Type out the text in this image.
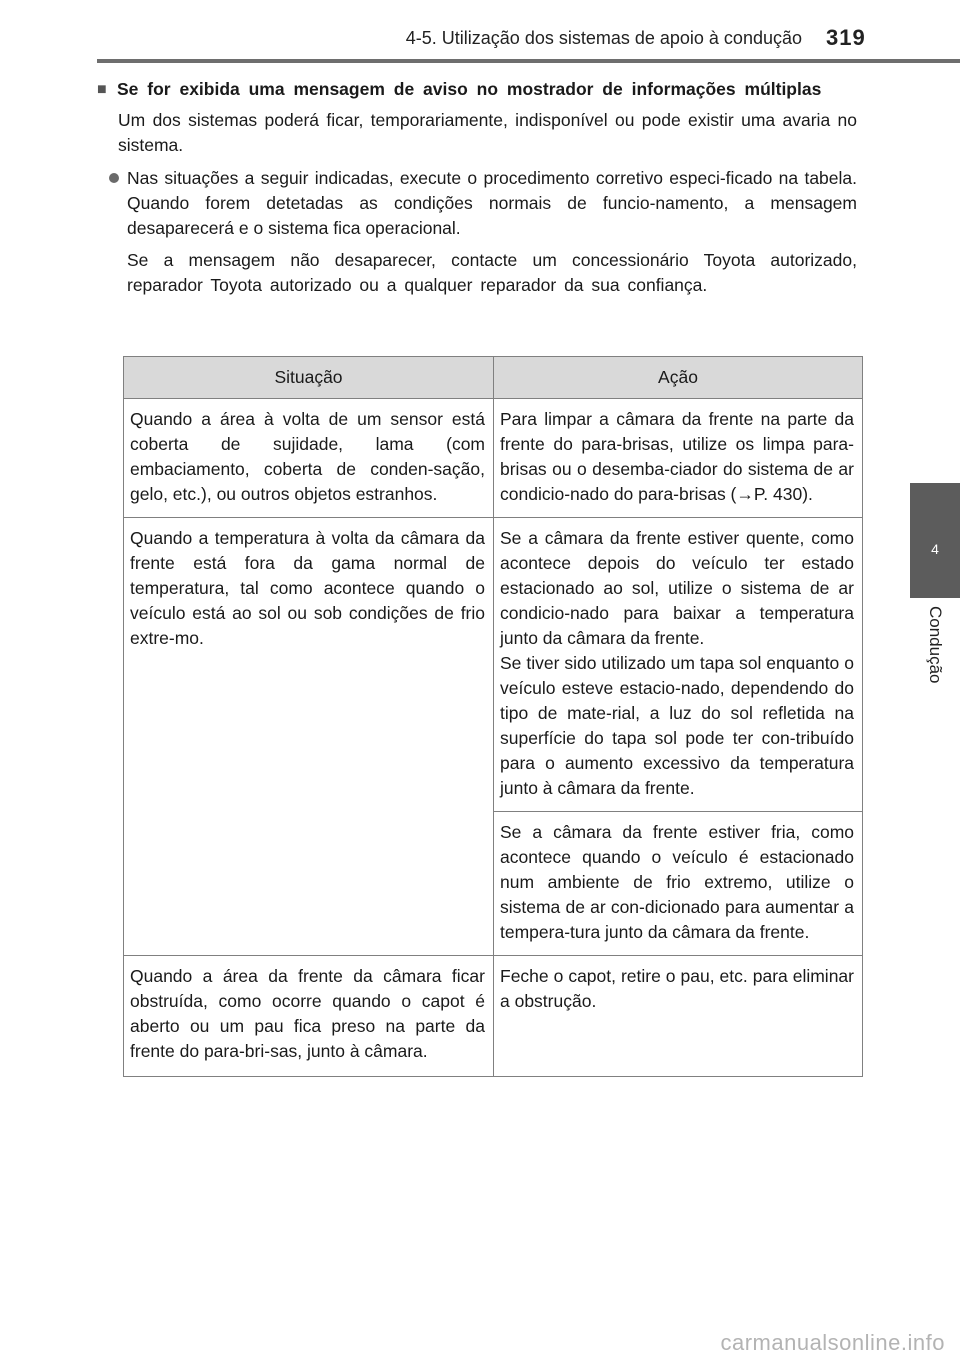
4-5. Utilização dos sistemas de apoio à condução 319
4
Condução
■ Se for exibida uma mensagem de aviso no mostrador de informações múltiplas
Um dos sistemas poderá ficar, temporariamente, indisponível ou pode existir uma avaria no sistema.
Nas situações a seguir indicadas, execute o procedimento corretivo especi-ficado na tabela. Quando forem detetadas as condições normais de funcio-namento, a mensagem desaparecerá e o sistema fica operacional.
Se a mensagem não desaparecer, contacte um concessionário Toyota autorizado, reparador Toyota autorizado ou a qualquer reparador da sua confiança.
Situação	Ação
Quando a área à volta de um sensor está coberta de sujidade, lama (com embaciamento, coberta de conden-sação, gelo, etc.), ou outros objetos estranhos.	Para limpar a câmara da frente na parte da frente do para-brisas, utilize os limpa para-brisas ou o desemba-ciador do sistema de ar condicio-nado do para-brisas (→P. 430).
Quando a temperatura à volta da câmara da frente está fora da gama normal de temperatura, tal como acontece quando o veículo está ao sol ou sob condições de frio extre-mo.	Se a câmara da frente estiver quente, como acontece depois do veículo ter estado estacionado ao sol, utilize o sistema de ar condicio-nado para baixar a temperatura junto da câmara da frente.
Se tiver sido utilizado um tapa sol enquanto o veículo esteve estacio-nado, dependendo do tipo de mate-rial, a luz do sol refletida na superfície do tapa sol pode ter con-tribuído para o aumento excessivo da temperatura junto à câmara da frente.

	Se a câmara da frente estiver fria, como acontece quando o veículo é estacionado num ambiente de frio extremo, utilize o sistema de ar con-dicionado para aumentar a tempera-tura junto da câmara da frente.
Quando a área da frente da câmara ficar obstruída, como ocorre quando o capot é aberto ou um pau fica preso na parte da frente do para-bri-sas, junto à câmara.	Feche o capot, retire o pau, etc. para eliminar a obstrução.
carmanualsonline.info
